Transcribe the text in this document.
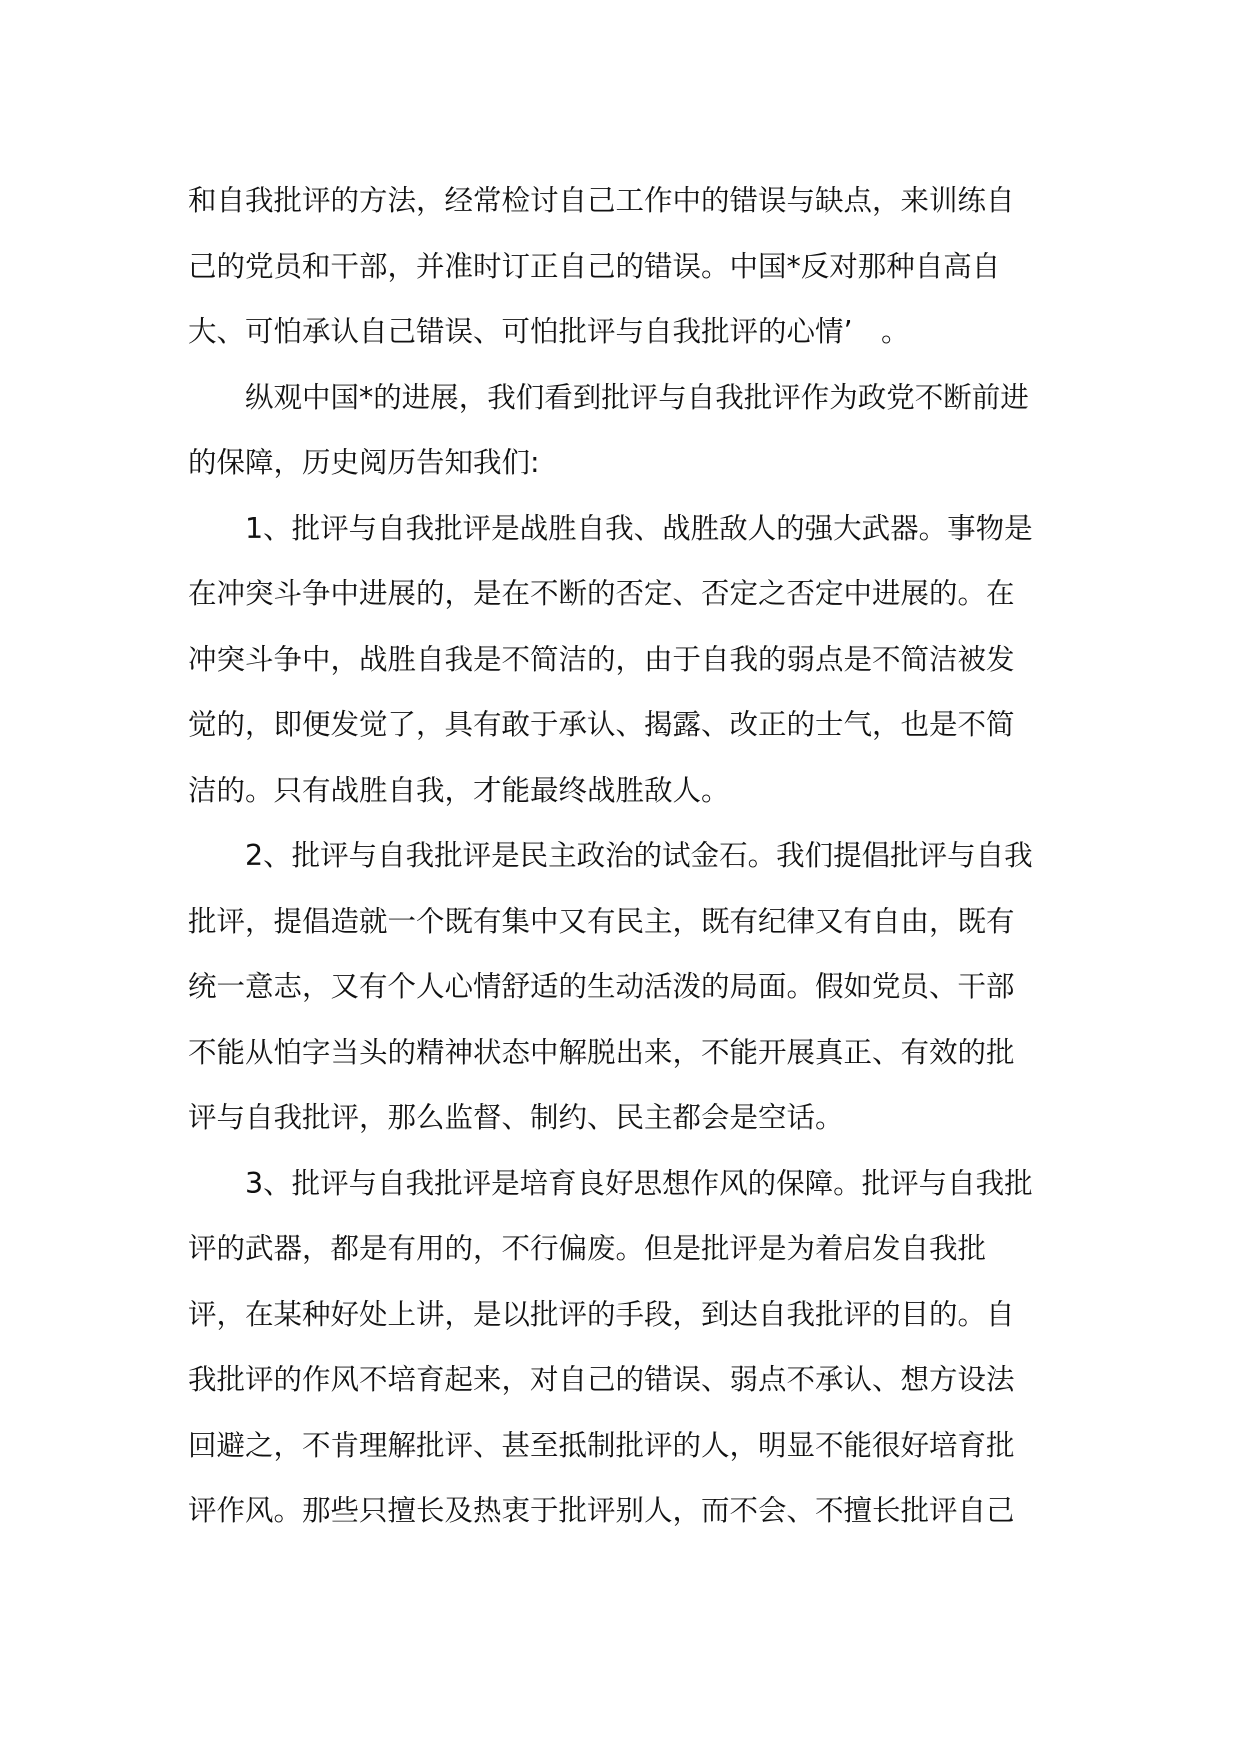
和自我批评的方法，经常检讨自己工作中的错误与缺点，来训练自
己的党员和干部，并准时订正自己的错误。中国*反对那种自高自
大、可怕承认自己错误、可怕批评与自我批评的心情’　。
纵观中国*的进展，我们看到批评与自我批评作为政党不断前进
的保障，历史阅历告知我们:
1、批评与自我批评是战胜自我、战胜敌人的强大武器。事物是
在冲突斗争中进展的，是在不断的否定、否定之否定中进展的。在
冲突斗争中，战胜自我是不简洁的，由于自我的弱点是不简洁被发
觉的，即便发觉了，具有敢于承认、揭露、改正的士气，也是不简
洁的。只有战胜自我，才能最终战胜敌人。
2、批评与自我批评是民主政治的试金石。我们提倡批评与自我
批评，提倡造就一个既有集中又有民主，既有纪律又有自由，既有
统一意志，又有个人心情舒适的生动活泼的局面。假如党员、干部
不能从怕字当头的精神状态中解脱出来，不能开展真正、有效的批
评与自我批评，那么监督、制约、民主都会是空话。
3、批评与自我批评是培育良好思想作风的保障。批评与自我批
评的武器，都是有用的，不行偏废。但是批评是为着启发自我批
评，在某种好处上讲，是以批评的手段，到达自我批评的目的。自
我批评的作风不培育起来，对自己的错误、弱点不承认、想方设法
回避之，不肯理解批评、甚至抵制批评的人，明显不能很好培育批
评作风。那些只擅长及热衷于批评别人，而不会、不擅长批评自己
